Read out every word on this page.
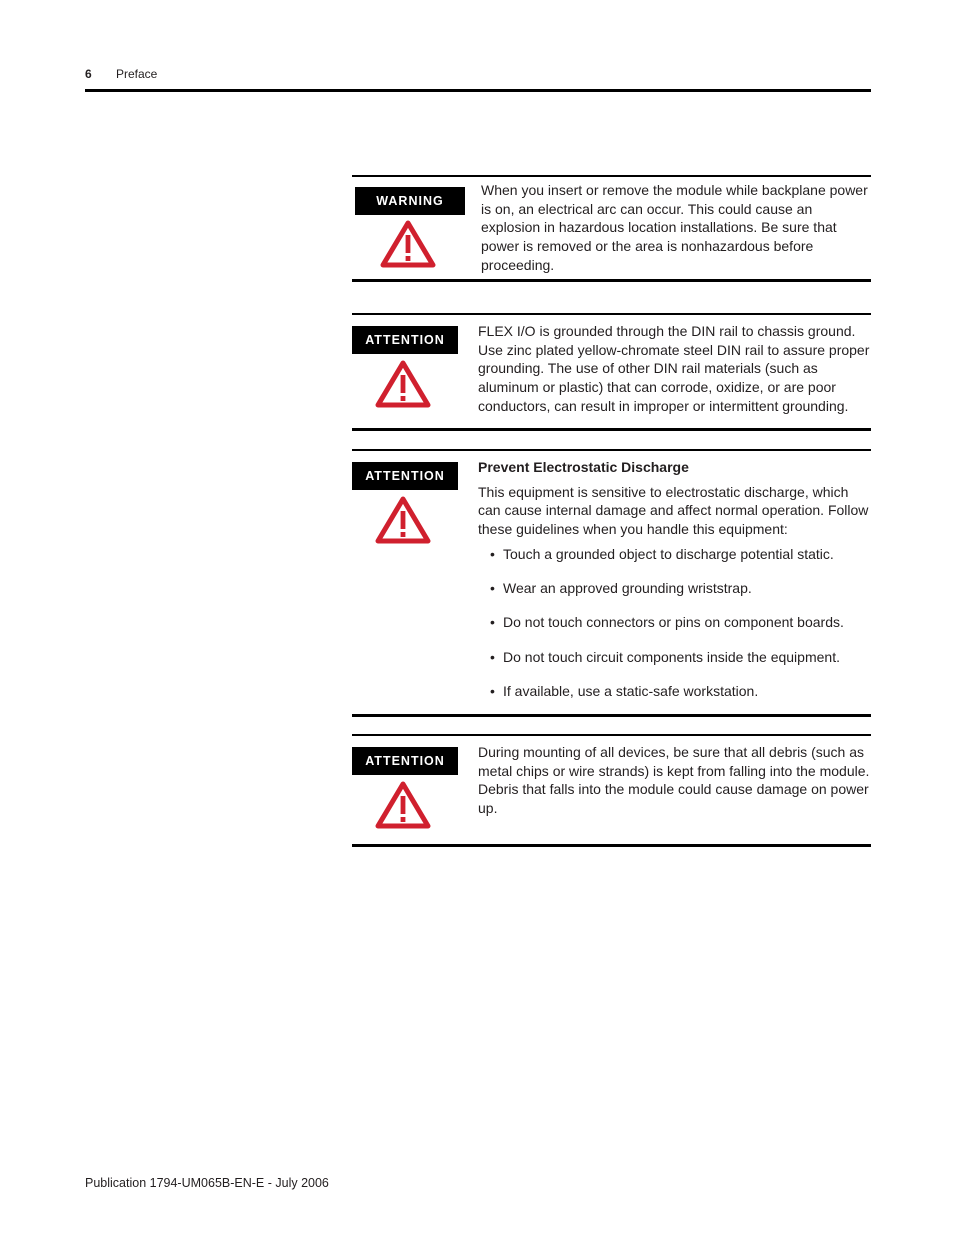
6 Preface
WARNING

When you insert or remove the module while backplane power is on, an electrical arc can occur. This could cause an explosion in hazardous location installations. Be sure that power is removed or the area is nonhazardous before proceeding.

ATTENTION

FLEX I/O is grounded through the DIN rail to chassis ground. Use zinc plated yellow-chromate steel DIN rail to assure proper grounding. The use of other DIN rail materials (such as aluminum or plastic) that can corrode, oxidize, or are poor conductors, can result in improper or intermittent grounding.

ATTENTION

Prevent Electrostatic Discharge

This equipment is sensitive to electrostatic discharge, which can cause internal damage and affect normal operation. Follow these guidelines when you handle this equipment:

• Touch a grounded object to discharge potential static.
• Wear an approved grounding wriststrap.
• Do not touch connectors or pins on component boards.
• Do not touch circuit components inside the equipment.
• If available, use a static-safe workstation.
ATTENTION

During mounting of all devices, be sure that all debris (such as metal chips or wire strands) is kept from falling into the module. Debris that falls into the module could cause damage on power up.

Publication 1794-UM065B-EN-E - July 2006
